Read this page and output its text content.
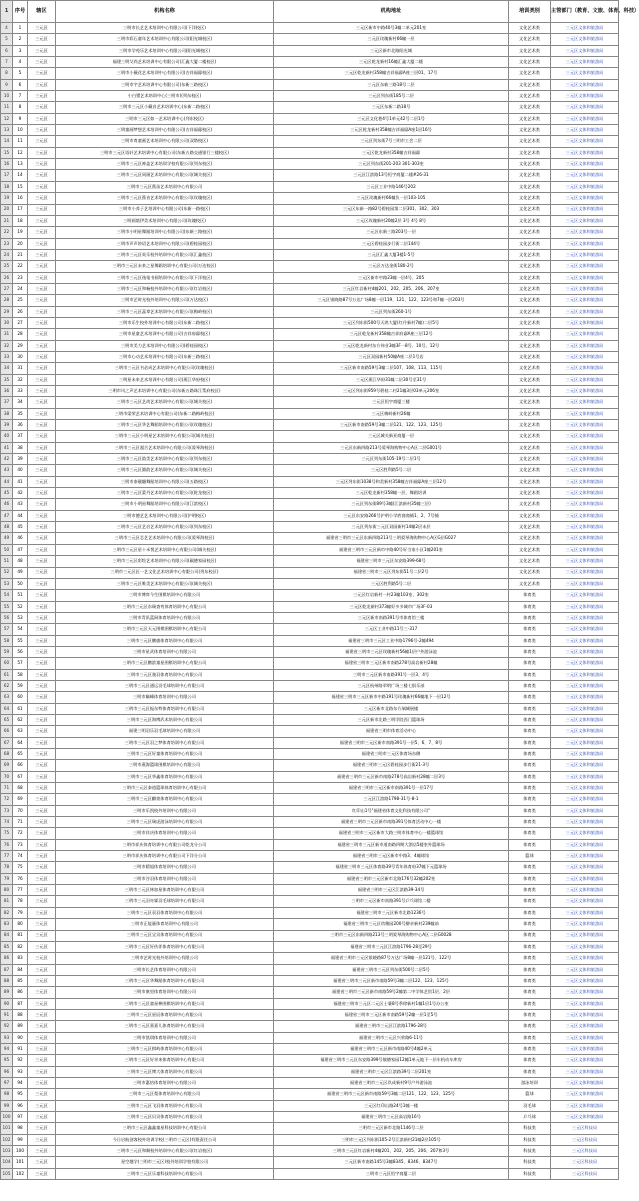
1	序号	辖区	机构名称	机构地址	培训类别	主管部门（教育、文旅、体育、科技）
4	1	三元区	三明市长艺艺术培训中心有限公司(下洋校区)	三元区新市中路40号3幢二单元201室	文化艺术类	三元区文体和旅游局
5	2	三元区	三明市彩石童年艺术培训中心有限公司(阳光城校区)	三元区玫瑰新村66幢一层	文化艺术类	三元区文体和旅游局
6	3	三元区	三明市学苑乐艺术培训中心有限公司(阳光城校区)	三元区新市北路阳光城	文化艺术类	三元区文体和旅游局
7	4	三元区	福建三明艾尚艺术培训中心有限公司(汇鑫大厦二楼校区)	三元区乾龙新村16幢汇鑫大厦二楼	文化艺术类	三元区文体和旅游局
8	5	三元区	三明市小薇花艺术培训中心有限公司(吉祥福邸校区)	三元区乾龙新村358幢吉祥福邸A座三层01、17号	文化艺术类	三元区文体和旅游局
9	6	三元区	三明市宇艺术培训中心有限公司(东新三路校区)	三元区东新三路18号二层	文化艺术类	三元区文体和旅游局
10	7	三元区	小白猪艺术培训中心(三明市)(列东校区)	三元区列东街185号二层	文化艺术类	三元区文体和旅游局
11	8	三元区	三明市三元区小藏音艺术培训中心(东新二路校区)	三元区东新二路18号	文化艺术类	三元区文体和旅游局
12	9	三元区	三明市三元区如一艺术培训中心(列东校区)	三元区文化巷4号1单元42号二层1号	文化艺术类	三元区文体和旅游局
13	10	三元区	三明童画梦想艺术培训中心有限公司(吉祥福邸校区)	三元区乾龙新村358幢吉祥福邸A座1层16号	文化艺术类	三元区文体和旅游局
14	11	三元区	三明市育童画艺术培训中心有限公司(双塔校区)	三元区列东街7号三明市工会二层	文化艺术类	三元区文体和旅游局
15	12	三元区	三明市三元区语轩艺术培训中心有限公司(东新五路交通银行三楼校区)	三元区乾龙新村358幢吉祥福邸	文化艺术类	三元区文体和旅游局
16	13	三元区	三明市三元区神盖艺术培训学校有限公司(列东校区)	三元区列东街201-203 301-303室	文化艺术类	三元区文体和旅游局
17	14	三元区	三明市三元区同画艺术培训中心有限公司(城关校区)	三元区江滨路13号恒宇商厦二楼#26-31	文化艺术类	三元区文体和旅游局
18	15	三元区	三明市三元区蕉苗艺术培训中心有限公司	三元区工业中路146号202	文化艺术类	三元区文体和旅游局
19	16	三元区	三明市三元区蕉音艺术培训中心有限公司(玫瑰校区)	三元区玫瑰新村66幢负一层103-105	文化艺术类	三元区文体和旅游局
20	17	三元区	三明市小荞子艺培训中心有限公司(东新一路校区)	三元区东新一路82号碧桂园第二层301、302、303	文化艺术类	三元区文体和旅游局
21	18	三元区	三明画境伊美术培训中心有限公司(玫瑰校区)	三元区玫瑰新村20幢2层 3号 4号 8号	文化艺术类	三元区文体和旅游局
22	19	三元区	三明市小明星舞蹈培训中心有限公司(东新三路校区)	三元区东新三路203号一层	文化艺术类	三元区文体和旅游局
23	20	三元区	三明市声声妙语艺术培训中心有限公司(碧桂园校区)	三元区碧桂园步行街二层144号	文化艺术类	三元区文体和旅游局
24	21	三元区	三明市三元区英乐校外培训中心有限公司(汇鑫校区)	三元区汇鑫大厦3楼1-5号	文化艺术类	三元区文体和旅游局
25	22	三元区	三明市三元区未来之星舞蹈培训中心有限公司(万达校区)	三元区万达金街180-2号	文化艺术类	三元区文体和旅游局
26	23	三元区	三明市三元区逸笔书画培训中心有限公司(下洋校区)	三元区新市中路23幢一层4号、205	文化艺术类	三元区文体和旅游局
27	24	三元区	三明市三元区和畅校外培训中心有限公司(红岩校区)	三元区红岩新村4幢201、202、205、206、207室	文化艺术类	三元区文体和旅游局
28	25	三元区	三明市艺时光校外培训中心有限公司(万达校区)	三元区银晓路87号万达广场8幢一层119、121、122、123号和7幢一层203号	文化艺术类	三元区文体和旅游局
29	26	三元区	三明市三元区蕊拿艺术培训中心有限公司(梅岭校区)	三元区列东街260-1号	文化艺术类	三元区文体和旅游局
30	27	三元区	三明市乐生校外培训中心有限公司(东新二路校区)	三元区列东街500号天鸿大厦(红丹新村7幢)二层5号	文化艺术类	三元区文体和旅游局
31	28	三元区	三明市星童艺术培训中心有限公司(吉祥府邸校区)	三元区乾龙新村358幢吉祥府邸A座三层12号	文化艺术类	三元区文体和旅游局
32	29	三元区	三明市美力艺术培训中心有限公司(碧桂园校区)	三元区乾龙新村东方伟业3幢3F一8号、10号、12号	文化艺术类	三元区文体和旅游局
33	30	三元区	三明市心动艺术培训中心有限公司(东新三路校区)	三元区双园新村50幢A座二层1号店	文化艺术类	三元区文体和旅游局
34	31	三元区	三明市三元区书必成艺术培训中心有限公司(玫瑰校区)	三元区新市南路59号3幢二层107、108、113、115号	文化艺术类	三元区文体和旅游局
35	32	三元区	三明星未来艺术培训中心有限公司(燕江华府校区)	三元区燕江华府31幢二层30号至31号	文化艺术类	三元区文体和旅游局
36	33	三元区	三明市风之声艺术培训中心有限公司(东新五路珠江帮府校区)	三元区列东街959号碧桂二村21幢3层03单元206室	文化艺术类	三元区文体和旅游局
37	34	三元区	三明市三元区艺尚艺术培训中心有限公司(城关校区)	三元区恒宇商厦三楼	文化艺术类	三元区文体和旅游局
38	35	三元区	三明市梁荣艺术培训中心有限公司(东新二路梅岭校区)	三元区梅岭新村26幢	文化艺术类	三元区文体和旅游局
39	36	三元区	三明市三元区华艺舞蹈培训中心有限公司(玫瑰校区)	三元区新市南路59号3幢二层121、122、123、125号	文化艺术类	三元区文体和旅游局
40	37	三元区	三明市三元区小明星艺术培训中心有限公司(城关校区)	三元区城关新亚商厦一层	文化艺术类	三元区文体和旅游局
41	38	三元区	三明市三元区超合艺术培训中心有限公司(爱琴海校区)	三元区东新四路213号爱琴海购物中心A区二层G001号	文化艺术类	三元区文体和旅游局
42	39	三元区	三明市三元区韵美艺术培训中心有限公司(列东校区)	三元区列东街105-19号二层1号	文化艺术类	三元区文体和旅游局
43	40	三元区	三明市三元区圆韵艺术培训中心有限公司(城关校区)	三元区胜利路5号二层	文化艺术类	三元区文体和旅游局
44	41	三元区	三明市泰靓翻舞蹈培训中心有限公司(五路校区)	三元区列东街1038号和美新村358幢吉祥福邸A座三层12号	文化艺术类	三元区文体和旅游局
45	42	三元区	三明市三元区蒙丹艺术培训中心有限公司(乾龙校区)	三元区乾龙新村358幢一层、舞蹈培训	文化艺术类	三元区文体和旅游局
46	43	三元区	三明市小明星舞蹈培训中心有限公司(江滨校区)	三元区列东街89号3幢(江滨新村35幢三层)	文化艺术类	三元区文体和旅游局
47	44	三元区	三明市德艺艺术培训中心有限公司(沪明校区)	三元区东安路266号沪明小学底商商铺1、2、7号铺	文化艺术类	三元区文体和旅游局
48	45	三元区	三明市三元区艺启艺术培训中心有限公司(列东校区)	三元区列东街三元区双园新村14幢2层末层	文化艺术类	三元区文体和旅游局
49	46	三元区	三明市三元区芯艺艺术培训中心有限公司(爱琴海校区)	福建省三明市三元区东新四路213号三明爱琴海购物中心A区G层G027	文化艺术类	三元区文体和旅游局
50	47	三元区	三明市三元区星十禾悦艺术培训中心有限公司(城关校区)	福建省三明市三元区新市中路40号好当家小区1幢201室	文化艺术类	三元区文体和旅游局
51	48	三元区	三明市三元区彩绘艺术培训中心有限公司(碳德家园校区)	福建省三明市三元区东安路399-68号	文化艺术类	三元区文体和旅游局
52	49	三元区	三明市三元区匠一艺文化艺术培训中心有限公司(列东校区)	福建省三明市三元区列东街51号二层2号	文化艺术类	三元区文体和旅游局
53	50	三元区	三明市三元区唯美艺术培训中心有限公司(城关校区)	三元区胜利路5号二层	文化艺术类	三元区文体和旅游局
54	51	三元区	三明市博弈今生围棋培训中心有限公司	三元区红岩新村一村23幢103室、302室	体育类	三元区文体和旅游局
55	52	三元区	三明市三元区东瑞查弯体育培训中心有限公司	三元区乾龙新村373幢好多多城市广场3F-03	体育类	三元区文体和旅游局
56	53	三元区	三明市青讯蓝网体育培训中心有限公司	三元区新市南路391号市体育馆三楼	体育类	三元区文体和旅游局
57	54	三元区	三明市三元区天元围棋围棋培训中心有限公司	三元区工业中路11号三-317	体育类	三元区文体和旅游局
58	55	三元区	三明市三元区鹏旗体育培训中心有限公司	福建省三明市三元区工业中路1796号-2幢494	体育类	三元区文体和旅游局
59	56	三元区	三明市星武体育培训中心有限公司	福建省三明市三元区玫瑰新村56幢1层户外游泳池	体育类	三元区文体和旅游局
60	57	三元区	三明市三元区鹏滨童星围棋培训中心有限公司	福建省三明市三元区新市南路278号高岩新村28幢	体育类	三元区文体和旅游局
61	58	三元区	三明市三元区骏羽体育培训中心有限公司	三明市三元区新市南路391号一层3、4号	体育类	三元区文体和旅游局
62	59	三元区	三明市三元区通运羽毛球培训中心有限公司	三元区杭州路翠明广场三楼七俱乐部	体育类	三元区文体和旅游局
63	60	三元区	三明市巅峰体育培训中心有限公司	福建省三明市三元区新市中路191号玫瑰新村66幢地下一层12号	体育类	三元区文体和旅游局
64	61	三元区	三明市三元区振东特体育培训中心有限公司	三元区新市北路东方瑞城展楼	体育类	三元区文体和旅游局
65	62	三元区	三明市三元区海博武术培训中心有限公司	三元区新市北路三明学院西门篮球场	体育类	三元区文体和旅游局
66	63	三元区	福建三明羽乐羽毛球培训中心有限公司	福建省三明市体育活动中心	体育类	三元区文体和旅游局
67	64	三元区	三明市三元区羽之梦体育培训中心有限公司	福建省三明市三元区新市南路391号一层5、6、7、8号	体育类	三元区文体和旅游局
68	65	三元区	三明市三元区好童体育培训中心有限公司	福建省三明市三元区体育场东侧	体育类	三元区文体和旅游局
69	66	三元区	三明市燕海篮球围棋培训中心有限公司	福建省三明市三元区碧桂园步行街21-3号	体育类	三元区文体和旅游局
70	67	三元区	三明市三元区华鑫体育培训中心有限公司	福建省三明市三元区新市南路278号高岩新村28幢二层3号	体育类	三元区文体和旅游局
71	68	三元区	三明市三元区泰道篮球体育培训中心有限公司	福建省三明市三元区新市南路391号一层17号	体育类	三元区文体和旅游局
72	69	三元区	三明市三元区麒豪体育培训中心有限公司	三元区江滨路1798-31号-8-1	体育类	三元区文体和旅游局
73	70	三元区	三明市乐凯校外培训中心有限公司	红印山1号"福建省体育文化科技有限公司"	体育类	三元区文体和旅游局
74	71	三元区	三明市三元区瑞虎游泳培训中心有限公司	福建省三明市三元区新市南路391号体育活动中心一楼	体育类	三元区文体和旅游局
75	72	三元区	三明市祥庆体育培训中心有限公司	福建省三明市三元区新市大路三明市体育中心一楼篮球馆	体育类	三元区文体和旅游局
76	73	三元区	三明市祥庆体育培训中心有限公司乾龙分公司	福建省三明市三元区新市道南路四期大酒店5楼室外篮球场	体育类	三元区文体和旅游局
77	74	三元区	三明市祥庆体育培训中心有限公司下洋分公司	福建省三明市三元区新市中路3、4幢球馆	篮球	三元区文体和旅游局
78	75	三元区	三明市精姐体育培训中心有限公司	福建省三明市三元区体育路39号青年体育府37幢下元篮球场	体育类	三元区文体和旅游局
79	76	三元区	三明市谷羽体育培训中心有限公司	福建省三明市三元区新市北路176号32幢202室	体育类	三元区文体和旅游局
80	77	三元区	三明市三元区林加星体育培训中心有限公司	福建省三明市三元区江滨路39-34号	体育类	三元区文体和旅游局
81	78	三元区	三明市三元羽亦霖羽毛球培训中心有限公司	三明市三元区新市南路391号乒乓球馆二楼	体育类	三元区文体和旅游局
82	79	三元区	三明市三元区袁羽体育培训中心有限公司	福建省三明市三元区新市北路1236号	体育类	三元区文体和旅游局
83	80	三元区	三明市正能量体育培训中心有限公司	福建省三明市三元区幼稚园200号柳亲新村239幢前	体育类	三元区文体和旅游局
84	81	三元区	三明市三元区宝贝体育培训中心有限公司	三明市三元区东新四路213号三明爱琴海购物中心A区二层G0028	体育类	三元区文体和旅游局
85	82	三元区	三明市三元区好伙伴体育培训中心有限公司	福建省三明市三元区江滨路1796-28至29号	体育类	三元区文体和旅游局
86	83	三元区	三明市艺时光校外培训中心有限公司	福建省三明市三元区银晓路87号万达广场8幢一层121号、122号	体育类	三元区文体和旅游局
87	84	三元区	三明市长艺体育培训中心有限公司	福建省三明市三元区列东街500号二层5号	体育类	三元区文体和旅游局
88	85	三元区	三明市三元区华舞蹈体育培训中心有限公司	福建省三明市三元区新市南路59号3幢二层122、123、125号	体育类	三元区文体和旅游局
89	86	三元区	三明市康里体育培训中心有限公司	福建省三明市三元区新市南路59号2幢第二中学体艺馆1层、2层	体育类	三元区文体和旅游局
90	87	三元区	三明市三元区童星棒围棋培训中心有限公司	福建省三明市三元区二元区士婆8号季徐新村1幢1层1号办公室	体育类	三元区文体和旅游局
91	88	三元区	三明市三元区星辰体育培训中心有限公司	福建省三明市三元区新市南路59号2幢一层1至5号	体育类	三元区文体和旅游局
92	89	三元区	三明市三元区嘉嘉儿体育培训中心有限公司	福建省三明市三元区江滨路1796-28号	体育类	三元区文体和旅游局
93	90	三元区	三明市凯琪体育培训中心有限公司	福建省三明市三元区兴荣路6-11号	体育类	三元区文体和旅游局
94	91	三元区	三明市三元区棋屿体育培训中心有限公司	福建省三明市三元区新市南路40号4幢2单元	体育类	三元区文体和旅游局
95	92	三元区	三明市三元区好享来体育培训中心有限公司	福建省三明市三元区东安路399号镇德家园12幢1单元地下一层车机动车库房	体育类	三元区文体和旅游局
96	93	三元区	三明市三元区博大体育培训中心有限公司	福建省三明市三元区江滨路39号二层201室	体育类	三元区文体和旅游局
97	94	三元区	三明市惠怡体育培训中心有限公司	福建省三明市三元区玖成新村9号户外游泳池	游泳培训	三元区文体和旅游局
98	95	三元区	三明市三元区梨体育培训中心有限公司	福建省三明市三元区新市南路59号3幢二层121、122、123、125号	篮球	三元区文体和旅游局
99	96	三元区	三明市三元区飞羽体育培训中心有限公司	三元区红印山路24号1幢一楼	羽毛球	三元区文体和旅游局
100	97	三元区	三明市三元区贝贝体育培训中心有限公司	福建省三明市三元区高岩路16号	乒乓球	三元区文体和旅游局
101	98	三元区	三明市三元区鑫鑫童星科技培训中心有限公司	三明市三元区新市北路1146号二层	科技类	三元区科技局
102	99	三元区	今日启航创客校外培训学校(三明市三元区)有限责任公司	三明市三元区列东街105-2号江滨新村21幢2层105号	科技类	三元区科技局
103	100	三元区	三明市三元区和顺校外培训中心有限公司(红岩校区)	三明市三元区红岩新村4幢201、202、205、206、207和3号	科技类	三元区科技局
104	101	三元区	星空趣学(三明市三元区)校外培训学校有限公司	三元区新市南路145号3幢8345、8346、8347号	科技类	三元区科技局
105	102	三元区	三明市三元区乐童科技培训中心有限公司	三明市三元区恒宇商厦二层	科技类	三元区科技局
